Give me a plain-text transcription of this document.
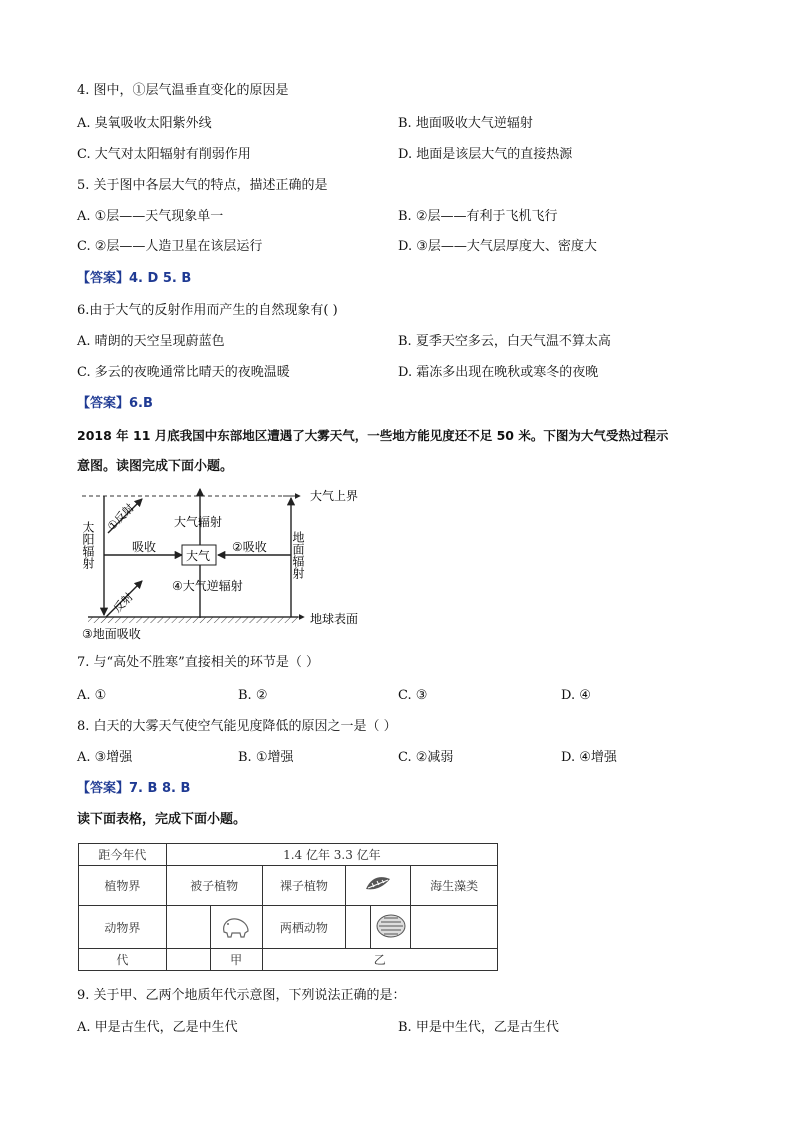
4. 图中，①层气温垂直变化的原因是
A. 臭氧吸收太阳紫外线	B. 地面吸收大气逆辐射
C. 大气对太阳辐射有削弱作用	D. 地面是该层大气的直接热源
5. 关于图中各层大气的特点，描述正确的是
A. ①层——天气现象单一	B. ②层——有利于飞机飞行
C. ②层——人造卫星在该层运行	D. ③层——大气层厚度大、密度大
【答案】4. D 5. B
6.由于大气的反射作用而产生的自然现象有( )
A. 晴朗的天空呈现蔚蓝色	B. 夏季天空多云，白天气温不算太高
C. 多云的夜晚通常比晴天的夜晚温暖	D. 霜冻多出现在晚秋或寒冬的夜晚
【答案】6.B
2018 年 11 月底我国中东部地区遭遇了大雾天气，一些地方能见度还不足 50 米。下图为大气受热过程示
意图。读图完成下面小题。
大气上界
地球表面
太阳辐射
①反射
反射
大气辐射
吸收
大气	地面辐射
②吸收
④大气逆辐射
③地面吸收
7. 与“高处不胜寒”直接相关的环节是（ ）
A. ①	B. ②	C. ③	D. ④
8. 白天的大雾天气使空气能见度降低的原因之一是（ ）
A. ③增强	B. ①增强	C. ②减弱	D. ④增强
【答案】7. B 8. B
读下面表格，完成下面小题。
距今年代	1.4 亿年 3.3 亿年					
植物界	被子植物		裸子植物			海生藻类
动物界			两栖动物			
代		甲	乙			
9. 关于甲、乙两个地质年代示意图，下列说法正确的是：
A. 甲是古生代，乙是中生代	B. 甲是中生代，乙是古生代
